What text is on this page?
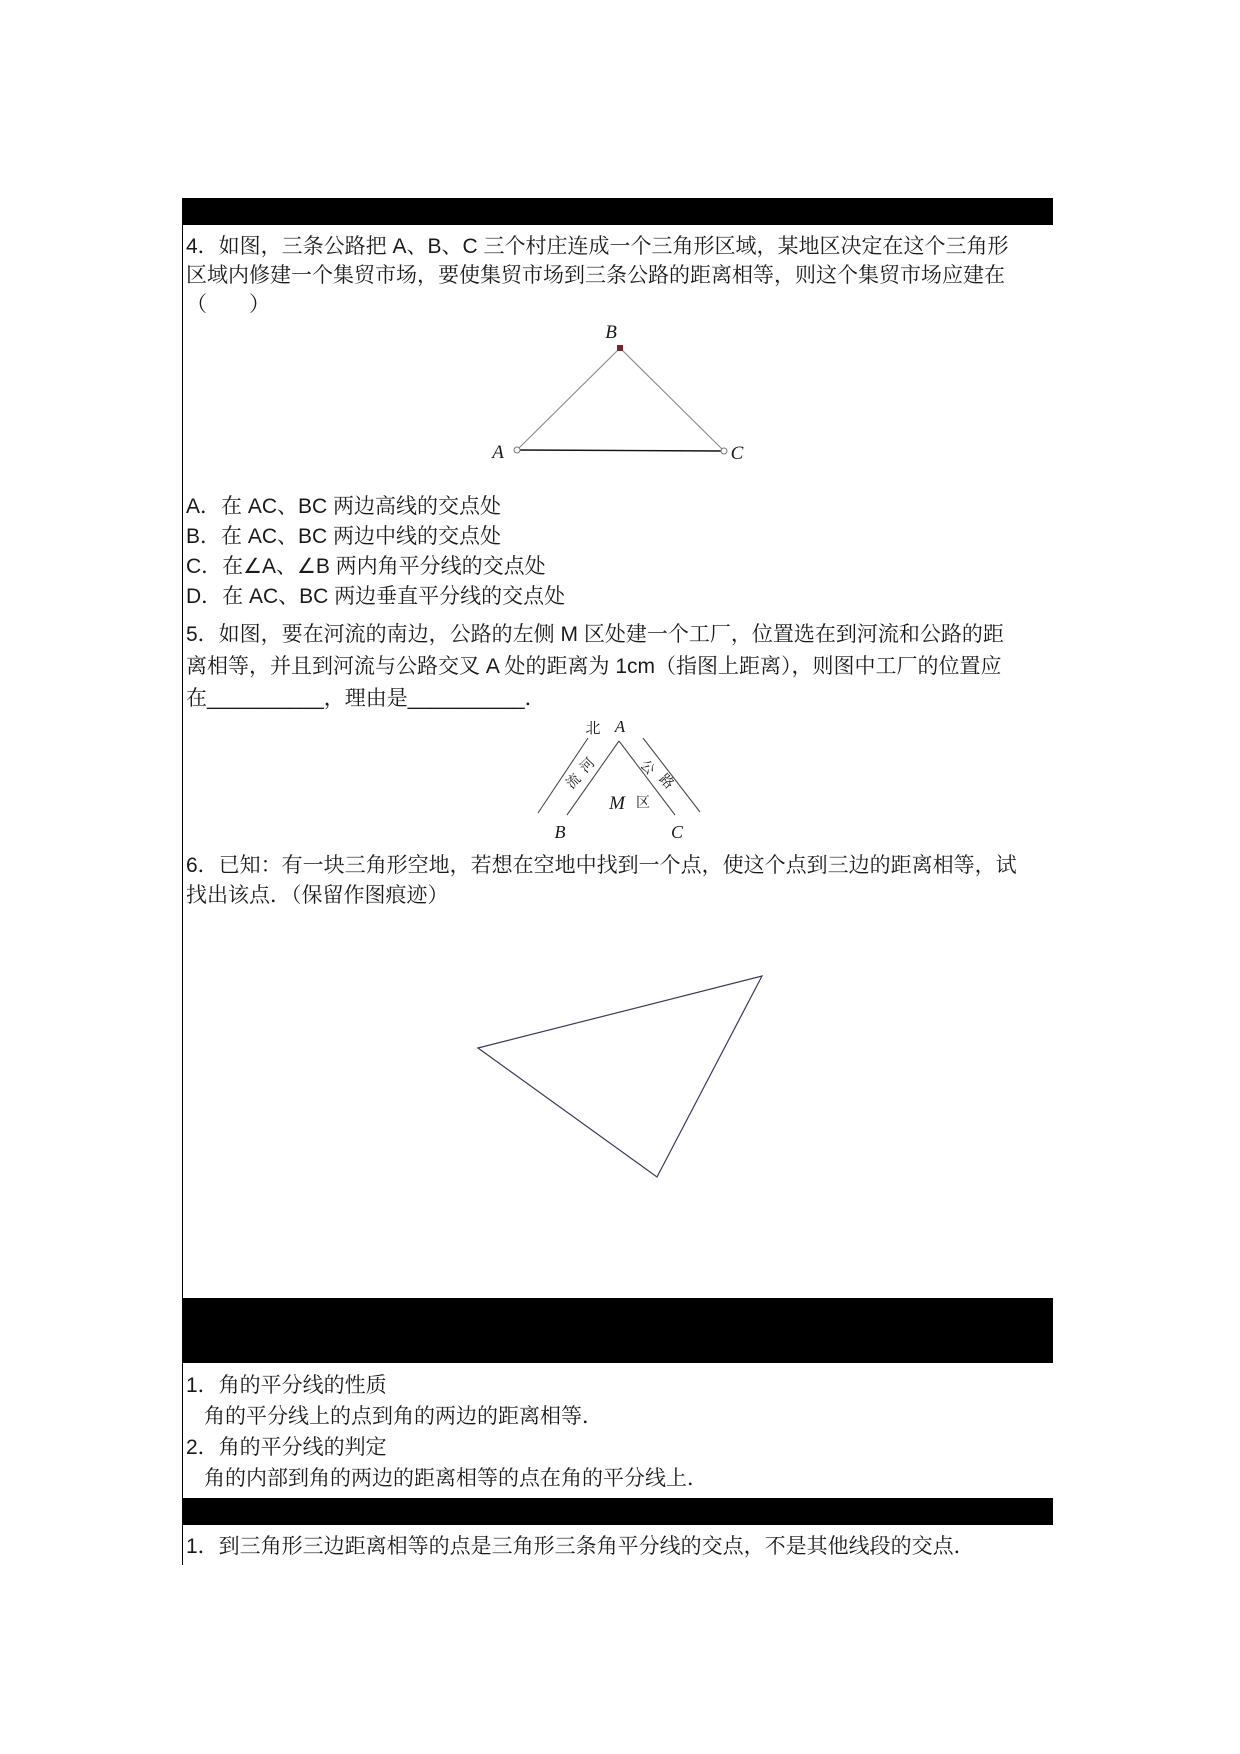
4．如图，三条公路把 A、B、C 三个村庄连成一个三角形区域，某地区决定在这个三角形
区域内修建一个集贸市场，要使集贸市场到三条公路的距离相等，则这个集贸市场应建在
（　　）
B
A	C
A．在 AC、BC 两边高线的交点处
B．在 AC、BC 两边中线的交点处
C．在∠A、∠B 两内角平分线的交点处
D．在 AC、BC 两边垂直平分线的交点处
5．如图，要在河流的南边，公路的左侧 M 区处建一个工厂，位置选在到河流和公路的距
离相等，并且到河流与公路交叉 A 处的距离为 1cm（指图上距离），则图中工厂的位置应
在__________，理由是__________．
北 A
河
流
公
路
M 区
B	C
6．已知：有一块三角形空地，若想在空地中找到一个点，使这个点到三边的距离相等，试
找出该点．（保留作图痕迹）
1．角的平分线的性质
角的平分线上的点到角的两边的距离相等．
2．角的平分线的判定
角的内部到角的两边的距离相等的点在角的平分线上．
1．到三角形三边距离相等的点是三角形三条角平分线的交点，不是其他线段的交点．
